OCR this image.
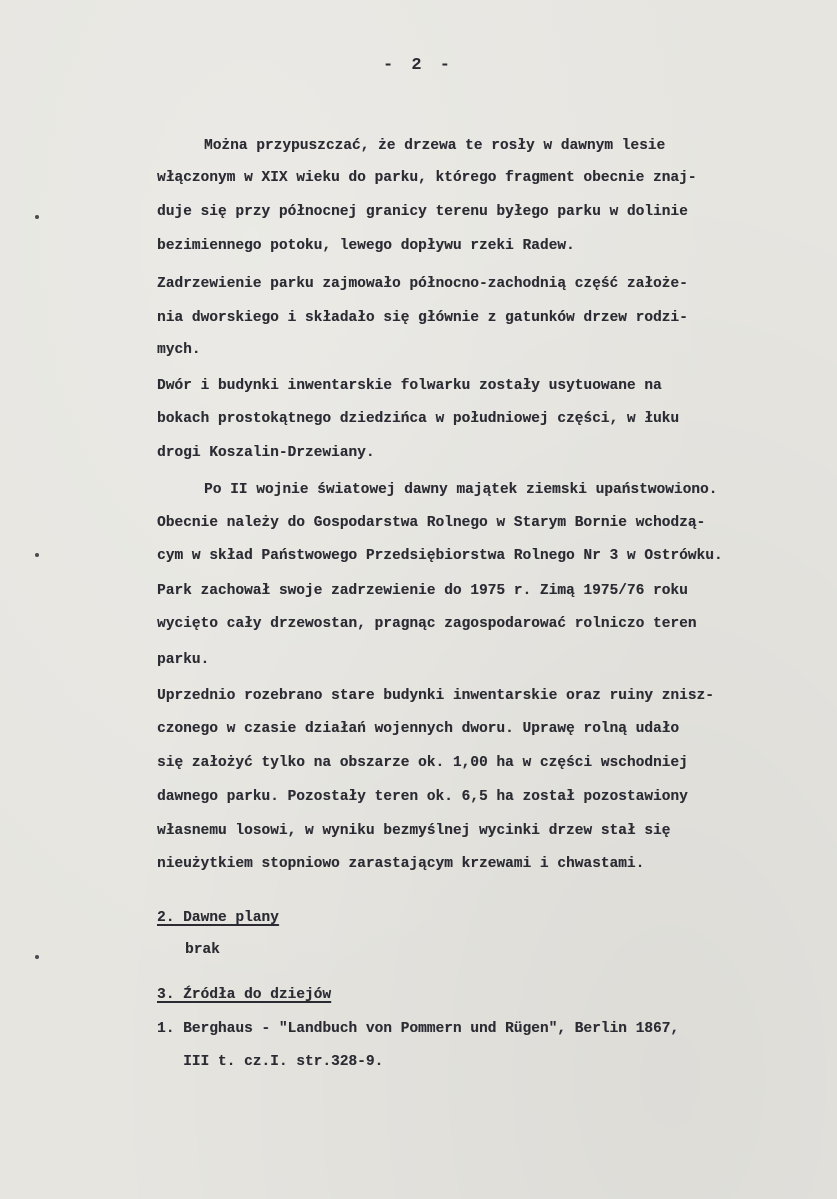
- 2 -
Można przypuszczać, że drzewa te rosły w dawnym lesie
włączonym w XIX wieku do parku, którego fragment obecnie znaj-
duje się przy północnej granicy terenu byłego parku w dolinie
bezimiennego potoku, lewego dopływu rzeki Radew.
Zadrzewienie parku zajmowało północno-zachodnią część założe-
nia dworskiego i składało się głównie z gatunków drzew rodzi-
mych.
Dwór i budynki inwentarskie folwarku zostały usytuowane na
bokach prostokątnego dziedzińca w południowej części, w łuku
drogi Koszalin-Drzewiany.
Po II wojnie światowej dawny majątek ziemski upaństwowiono.
Obecnie należy do Gospodarstwa Rolnego w Starym Bornie wchodzą-
cym w skład Państwowego Przedsiębiorstwa Rolnego Nr 3 w Ostrówku.
Park zachował swoje zadrzewienie do 1975 r. Zimą 1975/76 roku
wycięto cały drzewostan, pragnąc zagospodarować rolniczo teren
parku.
Uprzednio rozebrano stare budynki inwentarskie oraz ruiny znisz-
czonego w czasie działań wojennych dworu. Uprawę rolną udało
się założyć tylko na obszarze ok. 1,00 ha w części wschodniej
dawnego parku. Pozostały teren ok. 6,5 ha został pozostawiony
własnemu losowi, w wyniku bezmyślnej wycinki drzew stał się
nieużytkiem stopniowo zarastającym krzewami i chwastami.
2. Dawne plany
brak
3. Źródła do dziejów
1. Berghaus - "Landbuch von Pommern und Rügen", Berlin 1867,
III t. cz.I. str.328-9.
